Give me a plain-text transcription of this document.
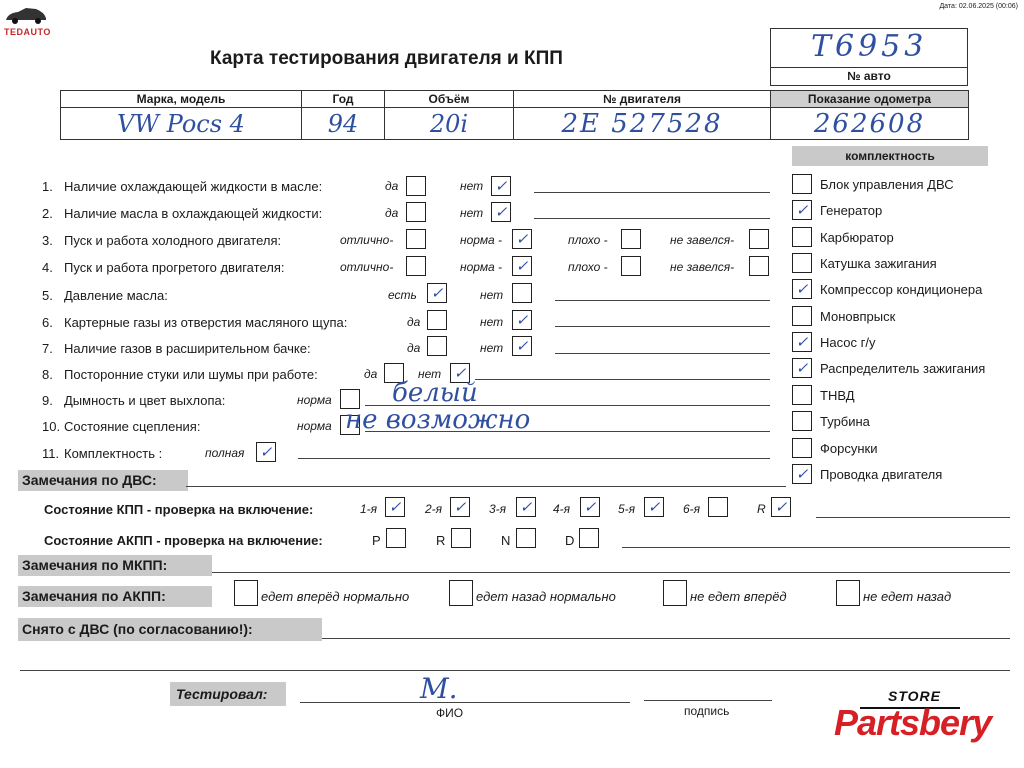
TEDAUTO
Дата: 02.06.2025 (00:06)
Карта тестирования двигателя и КПП	Т6953
№ авто
Марка, модель	Год	Объём	№ двигателя	Показание одометра
VW Pocs 4	94	20i	2E 527528	262608
комплектность
1. Наличие охлаждающей жидкости в масле:	да	нет ✓
2. Наличие масла в охлаждающей жидкости:	да	нет ✓
3. Пуск и работа холодного двигателя:	отлично-	норма - ✓	плохо -	не завелся-
4. Пуск и работа прогретого двигателя:	отлично-	норма - ✓	плохо -	не завелся-
5. Давление масла:	есть ✓	нет
6. Картерные газы из отверстия масляного щупа:	да	нет ✓
7. Наличие газов в расширительном бачке:	да	нет ✓
8. Посторонние стуки или шумы при работе:	да	нет ✓
9. Дымность и цвет выхлопа:	норма белый
10. Состояние сцепления:	норма не возможно
11. Комплектность :	полная ✓
Блок управления ДВС
✓ Генератор
Карбюратор
Катушка зажигания
✓ Компрессор кондиционера
Моновпрыск
✓ Насос г/у
✓ Распределитель зажигания
ТНВД
Турбина
Форсунки
✓ Проводка двигателя
Замечания по ДВС:
Состояние КПП - проверка на включение:	1-я ✓	2-я ✓	3-я ✓	4-я ✓	5-я ✓	6-я	R ✓
Состояние АКПП - проверка на включение:	P	R	N	D
Замечания по МКПП:
Замечания по АКПП:	едет вперёд нормально	едет назад нормально	не едет вперёд	не едет назад
Снято с ДВС (по согласованию!):
Тестировал:	М.
ФИО	подпись
STORE
Partsbery
